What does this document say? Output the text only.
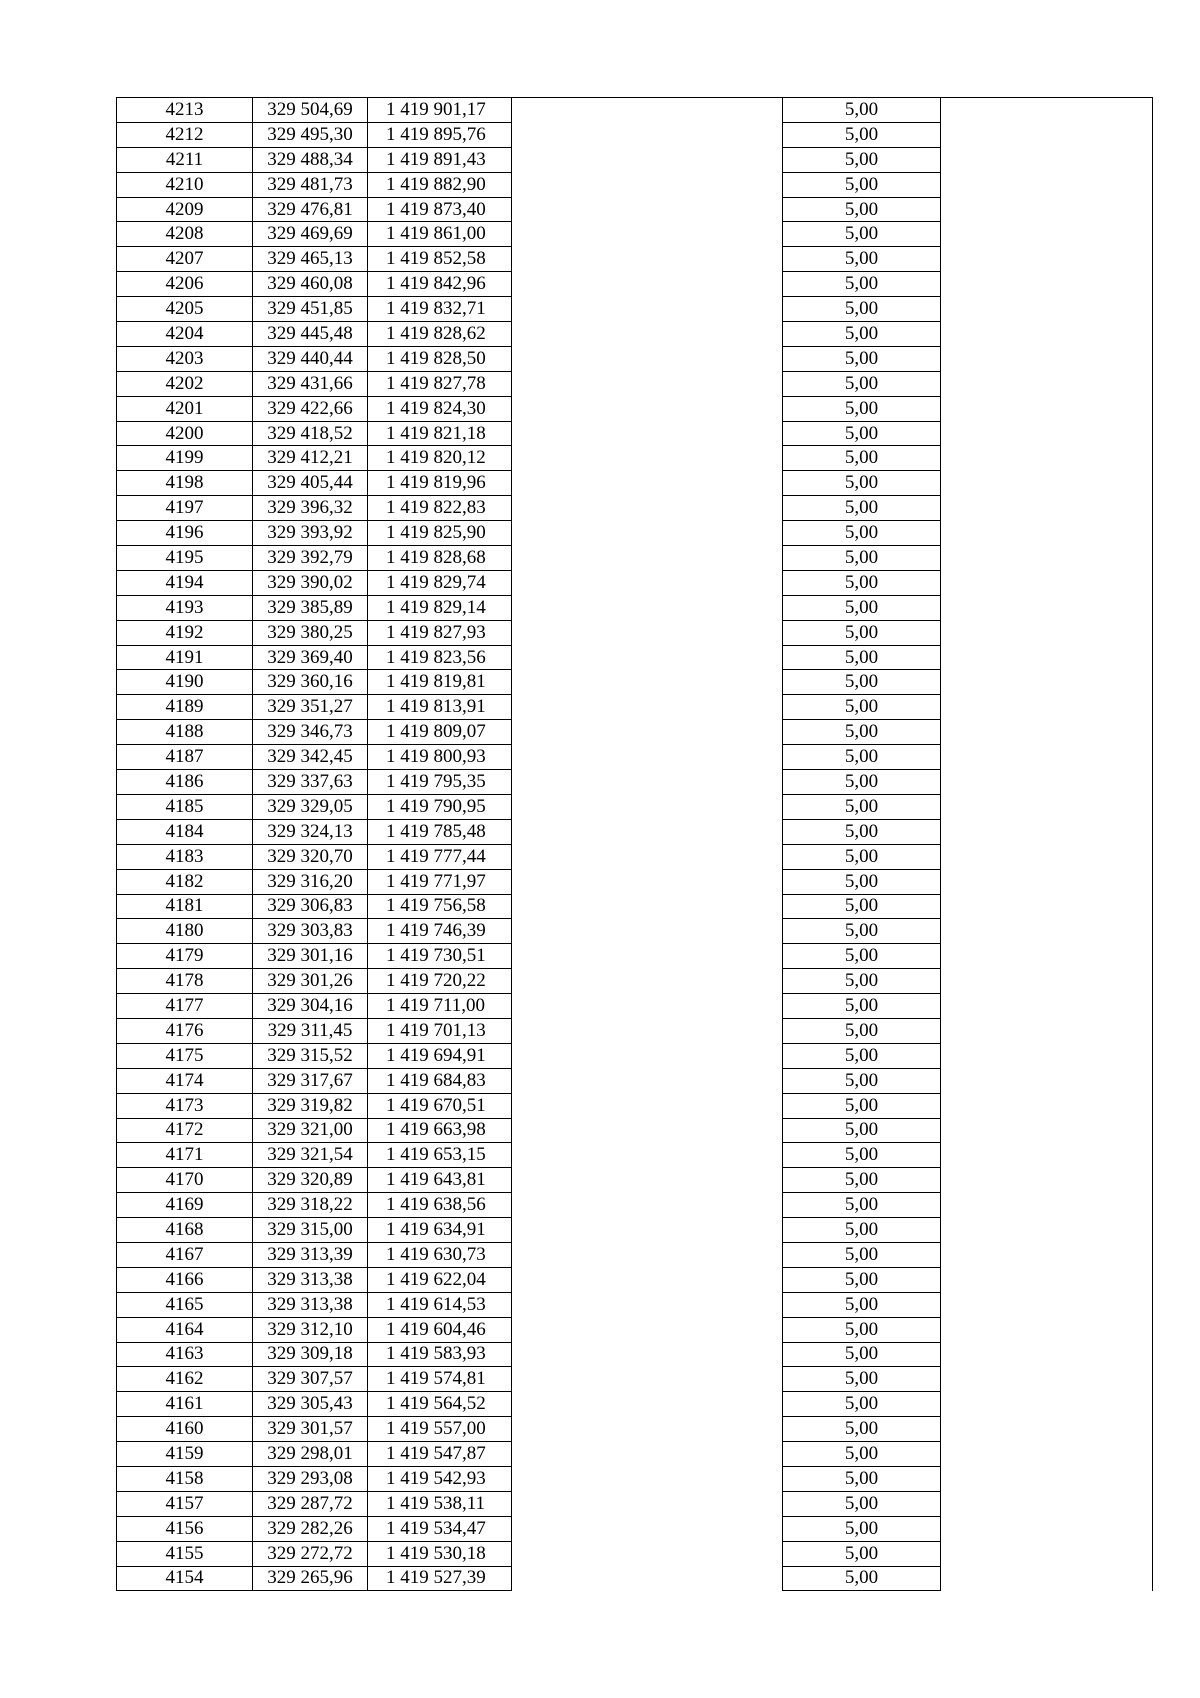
4213	329 504,69	1 419 901,17		5,00	
4212	329 495,30	1 419 895,76		5,00	
4211	329 488,34	1 419 891,43		5,00	
4210	329 481,73	1 419 882,90		5,00	
4209	329 476,81	1 419 873,40		5,00	
4208	329 469,69	1 419 861,00		5,00	
4207	329 465,13	1 419 852,58		5,00	
4206	329 460,08	1 419 842,96		5,00	
4205	329 451,85	1 419 832,71		5,00	
4204	329 445,48	1 419 828,62		5,00	
4203	329 440,44	1 419 828,50		5,00	
4202	329 431,66	1 419 827,78		5,00	
4201	329 422,66	1 419 824,30		5,00	
4200	329 418,52	1 419 821,18		5,00	
4199	329 412,21	1 419 820,12		5,00	
4198	329 405,44	1 419 819,96		5,00	
4197	329 396,32	1 419 822,83		5,00	
4196	329 393,92	1 419 825,90		5,00	
4195	329 392,79	1 419 828,68		5,00	
4194	329 390,02	1 419 829,74		5,00	
4193	329 385,89	1 419 829,14		5,00	
4192	329 380,25	1 419 827,93		5,00	
4191	329 369,40	1 419 823,56		5,00	
4190	329 360,16	1 419 819,81		5,00	
4189	329 351,27	1 419 813,91		5,00	
4188	329 346,73	1 419 809,07		5,00	
4187	329 342,45	1 419 800,93		5,00	
4186	329 337,63	1 419 795,35		5,00	
4185	329 329,05	1 419 790,95		5,00	
4184	329 324,13	1 419 785,48		5,00	
4183	329 320,70	1 419 777,44		5,00	
4182	329 316,20	1 419 771,97		5,00	
4181	329 306,83	1 419 756,58		5,00	
4180	329 303,83	1 419 746,39		5,00	
4179	329 301,16	1 419 730,51		5,00	
4178	329 301,26	1 419 720,22		5,00	
4177	329 304,16	1 419 711,00		5,00	
4176	329 311,45	1 419 701,13		5,00	
4175	329 315,52	1 419 694,91		5,00	
4174	329 317,67	1 419 684,83		5,00	
4173	329 319,82	1 419 670,51		5,00	
4172	329 321,00	1 419 663,98		5,00	
4171	329 321,54	1 419 653,15		5,00	
4170	329 320,89	1 419 643,81		5,00	
4169	329 318,22	1 419 638,56		5,00	
4168	329 315,00	1 419 634,91		5,00	
4167	329 313,39	1 419 630,73		5,00	
4166	329 313,38	1 419 622,04		5,00	
4165	329 313,38	1 419 614,53		5,00	
4164	329 312,10	1 419 604,46		5,00	
4163	329 309,18	1 419 583,93		5,00	
4162	329 307,57	1 419 574,81		5,00	
4161	329 305,43	1 419 564,52		5,00	
4160	329 301,57	1 419 557,00		5,00	
4159	329 298,01	1 419 547,87		5,00	
4158	329 293,08	1 419 542,93		5,00	
4157	329 287,72	1 419 538,11		5,00	
4156	329 282,26	1 419 534,47		5,00	
4155	329 272,72	1 419 530,18		5,00	
4154	329 265,96	1 419 527,39		5,00	
